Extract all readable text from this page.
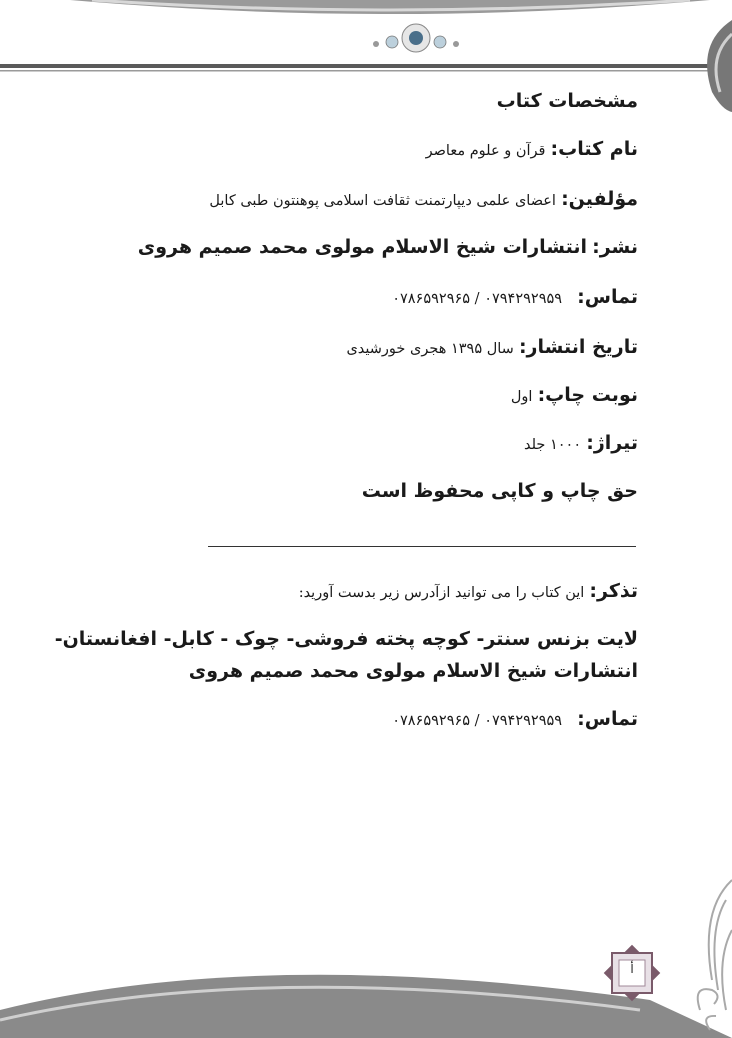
أ
مشخصات کتاب
نام کتاب: قرآن و علوم معاصر
مؤلفین: اعضای علمی دیپارتمنت ثقافت اسلامی پوهنتون طبی کابل
نشر: انتشارات شیخ الاسلام مولوی محمد صمیم هروی
تماس: ۰۷۹۴۲۹۲۹۵۹ / ۰۷۸۶۵۹۲۹۶۵
تاریخ انتشار: سال ۱۳۹۵ هجری خورشیدی
نوبت چاپ: اول
تیراژ: ۱۰۰۰ جلد
حق چاپ و کاپی محفوظ است
تذکر: این کتاب را می توانید ازآدرس زیر بدست آورید:
لایت بزنس سنتر- کوچه پخته فروشی- چوک - کابل- افغانستان-
انتشارات شیخ الاسلام مولوی محمد صمیم هروی
تماس: ۰۷۹۴۲۹۲۹۵۹ / ۰۷۸۶۵۹۲۹۶۵
